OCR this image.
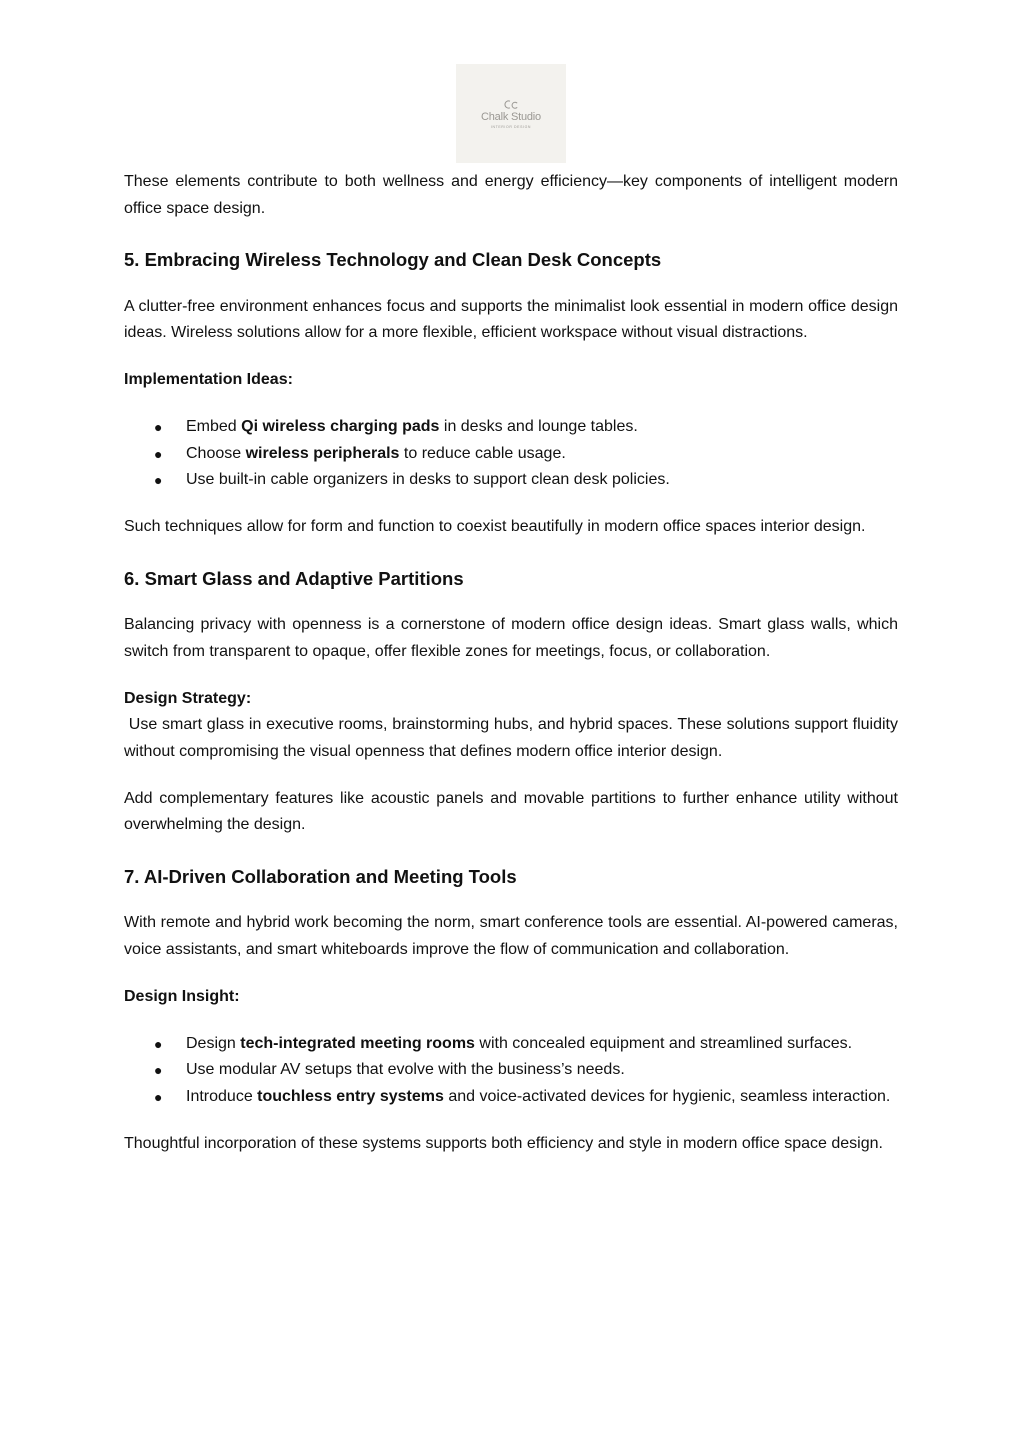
Chalk Studio
INTERIOR DESIGN

These elements contribute to both wellness and energy efficiency—key components of intelligent modern office space design.

5. Embracing Wireless Technology and Clean Desk Concepts

A clutter-free environment enhances focus and supports the minimalist look essential in modern office design ideas. Wireless solutions allow for a more flexible, efficient workspace without visual distractions.

Implementation Ideas:

● Embed Qi wireless charging pads in desks and lounge tables.
● Choose wireless peripherals to reduce cable usage.
● Use built-in cable organizers in desks to support clean desk policies.

Such techniques allow for form and function to coexist beautifully in modern office spaces interior design.

6. Smart Glass and Adaptive Partitions

Balancing privacy with openness is a cornerstone of modern office design ideas. Smart glass walls, which switch from transparent to opaque, offer flexible zones for meetings, focus, or collaboration.

Design Strategy:

Use smart glass in executive rooms, brainstorming hubs, and hybrid spaces. These solutions support fluidity without compromising the visual openness that defines modern office interior design.

Add complementary features like acoustic panels and movable partitions to further enhance utility without overwhelming the design.

7. AI-Driven Collaboration and Meeting Tools

With remote and hybrid work becoming the norm, smart conference tools are essential. AI-powered cameras, voice assistants, and smart whiteboards improve the flow of communication and collaboration.

Design Insight:

● Design tech-integrated meeting rooms with concealed equipment and streamlined surfaces.
● Use modular AV setups that evolve with the business’s needs.
● Introduce touchless entry systems and voice-activated devices for hygienic, seamless interaction.

Thoughtful incorporation of these systems supports both efficiency and style in modern office space design.
